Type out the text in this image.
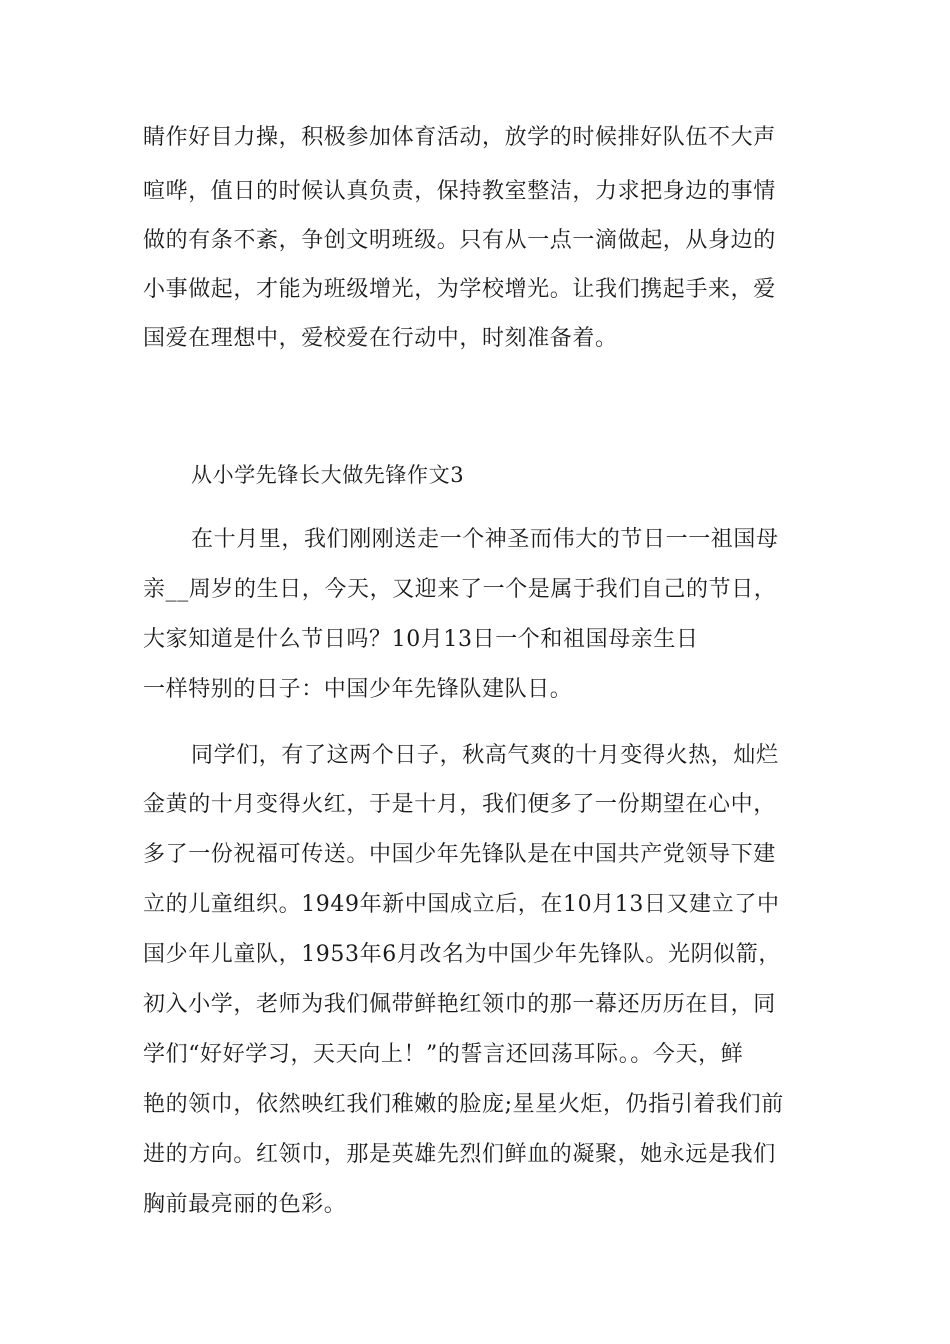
睛作好目力操，积极参加体育活动，放学的时候排好队伍不大声
喧哗，值日的时候认真负责，保持教室整洁，力求把身边的事情
做的有条不紊，争创文明班级。只有从一点一滴做起，从身边的
小事做起，才能为班级增光，为学校增光。让我们携起手来，爱
国爱在理想中，爱校爱在行动中，时刻准备着。
从小学先锋长大做先锋作文3
在十月里，我们刚刚送走一个神圣而伟大的节日一一祖国母
亲__周岁的生日，今天，又迎来了一个是属于我们自己的节日，
大家知道是什么节日吗？10月13日一个和祖国母亲生日
一样特别的日子：中国少年先锋队建队日。
同学们，有了这两个日子，秋高气爽的十月变得火热，灿烂
金黄的十月变得火红，于是十月，我们便多了一份期望在心中，
多了一份祝福可传送。中国少年先锋队是在中国共产党领导下建
立的儿童组织。1949年新中国成立后，在10月13日又建立了中
国少年儿童队，1953年6月改名为中国少年先锋队。光阴似箭，
初入小学，老师为我们佩带鲜艳红领巾的那一幕还历历在目，同
学们“好好学习，天天向上！”的誓言还回荡耳际。。今天，鲜
艳的领巾，依然映红我们稚嫩的脸庞;星星火炬，仍指引着我们前
进的方向。红领巾，那是英雄先烈们鲜血的凝聚，她永远是我们
胸前最亮丽的色彩。
